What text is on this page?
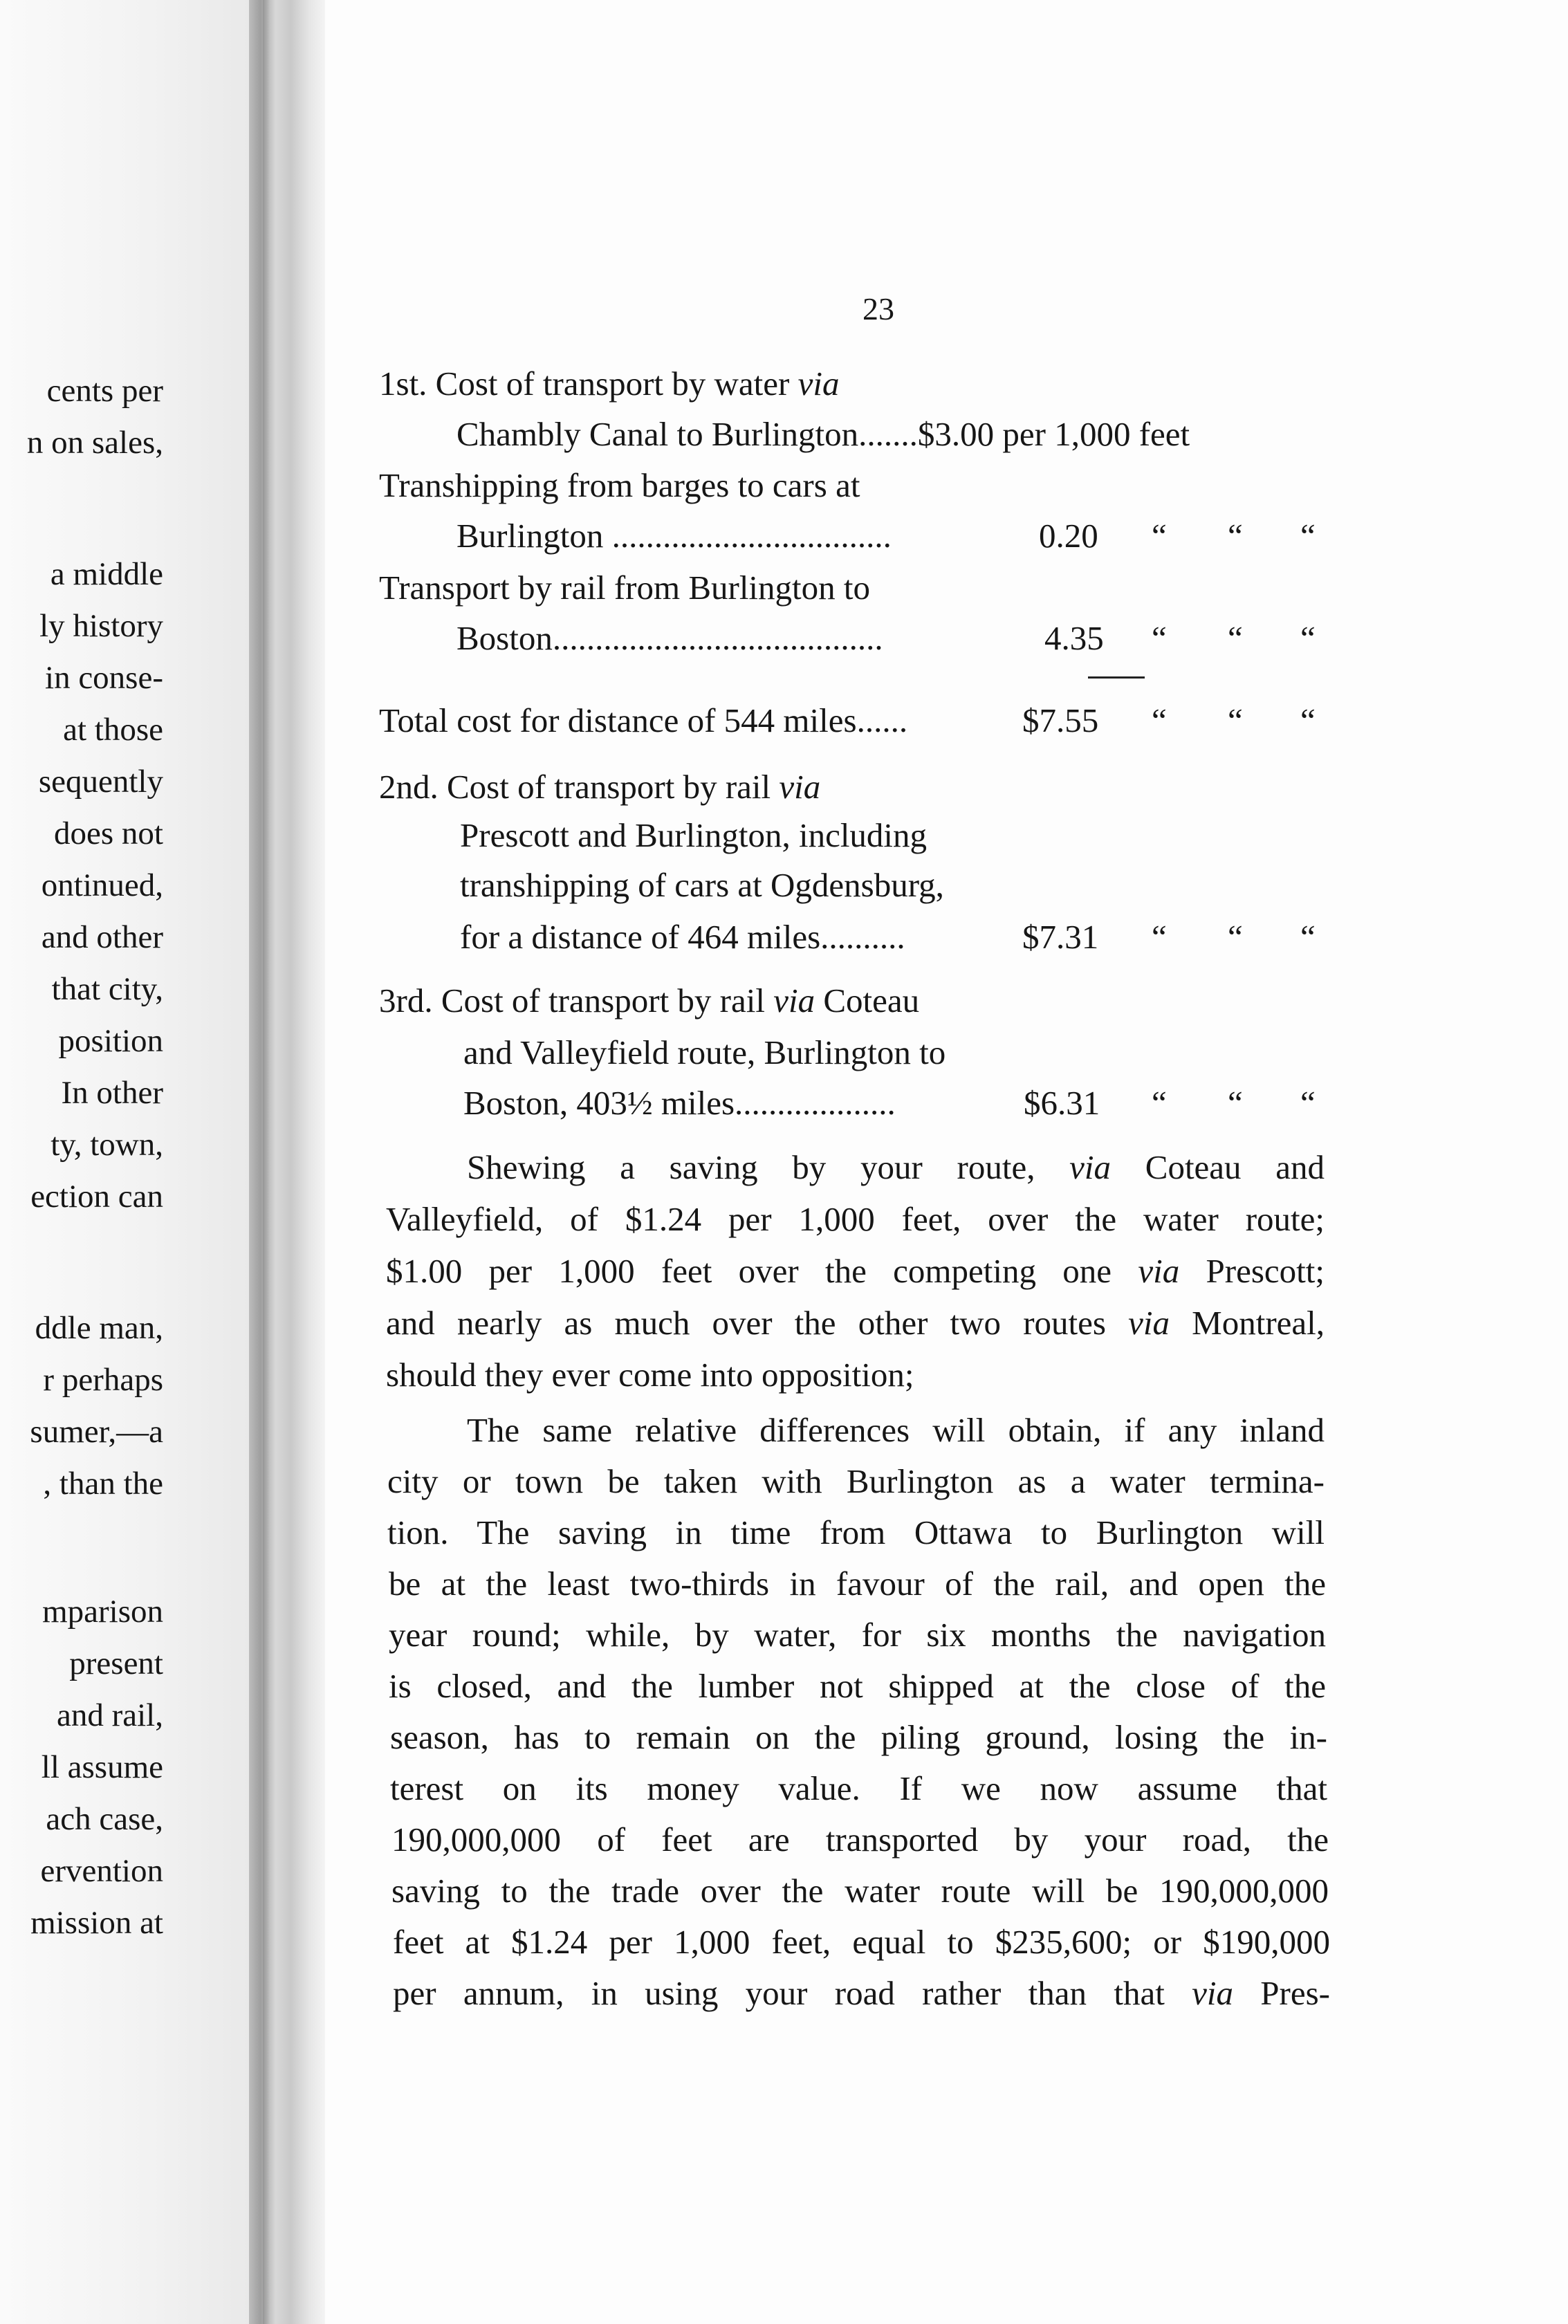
cents per
n on sales,
a middle
ly history
in conse-
at those
sequently
does not
ontinued,
and other
that city,
position
In other
ty, town,
ection can
ddle man,
r perhaps
sumer,—a
, than the
mparison
present
and rail,
ll assume
ach case,
ervention
mission at
23
1st. Cost of transport by water via
Chambly Canal to Burlington.......$3.00 per 1,000 feet
Transhipping from barges to cars at
Burlington .................................	0.20 “ “ “
Transport by rail from Burlington to
Boston.......................................	4.35 “ “ “
Total cost for distance of 544 miles......	$7.55 “ “ “
2nd. Cost of transport by rail via
Prescott and Burlington, including
transhipping of cars at Ogdensburg,
for a distance of 464 miles..........	$7.31 “ “ “
3rd. Cost of transport by rail via Coteau
and Valleyfield route, Burlington to
Boston, 403½ miles...................	$6.31 “ “ “
Shewing a saving by your route, via Coteau and
Valleyfield, of $1.24 per 1,000 feet, over the water route;
$1.00 per 1,000 feet over the competing one via Prescott;
and nearly as much over the other two routes via Montreal,
should they ever come into opposition;
The same relative differences will obtain, if any inland
city or town be taken with Burlington as a water termina-
tion. The saving in time from Ottawa to Burlington will
be at the least two-thirds in favour of the rail, and open the
year round; while, by water, for six months the navigation
is closed, and the lumber not shipped at the close of the
season, has to remain on the piling ground, losing the in-
terest on its money value. If we now assume that
190,000,000 of feet are transported by your road, the
saving to the trade over the water route will be 190,000,000
feet at $1.24 per 1,000 feet, equal to $235,600; or $190,000
per annum, in using your road rather than that via Pres-
